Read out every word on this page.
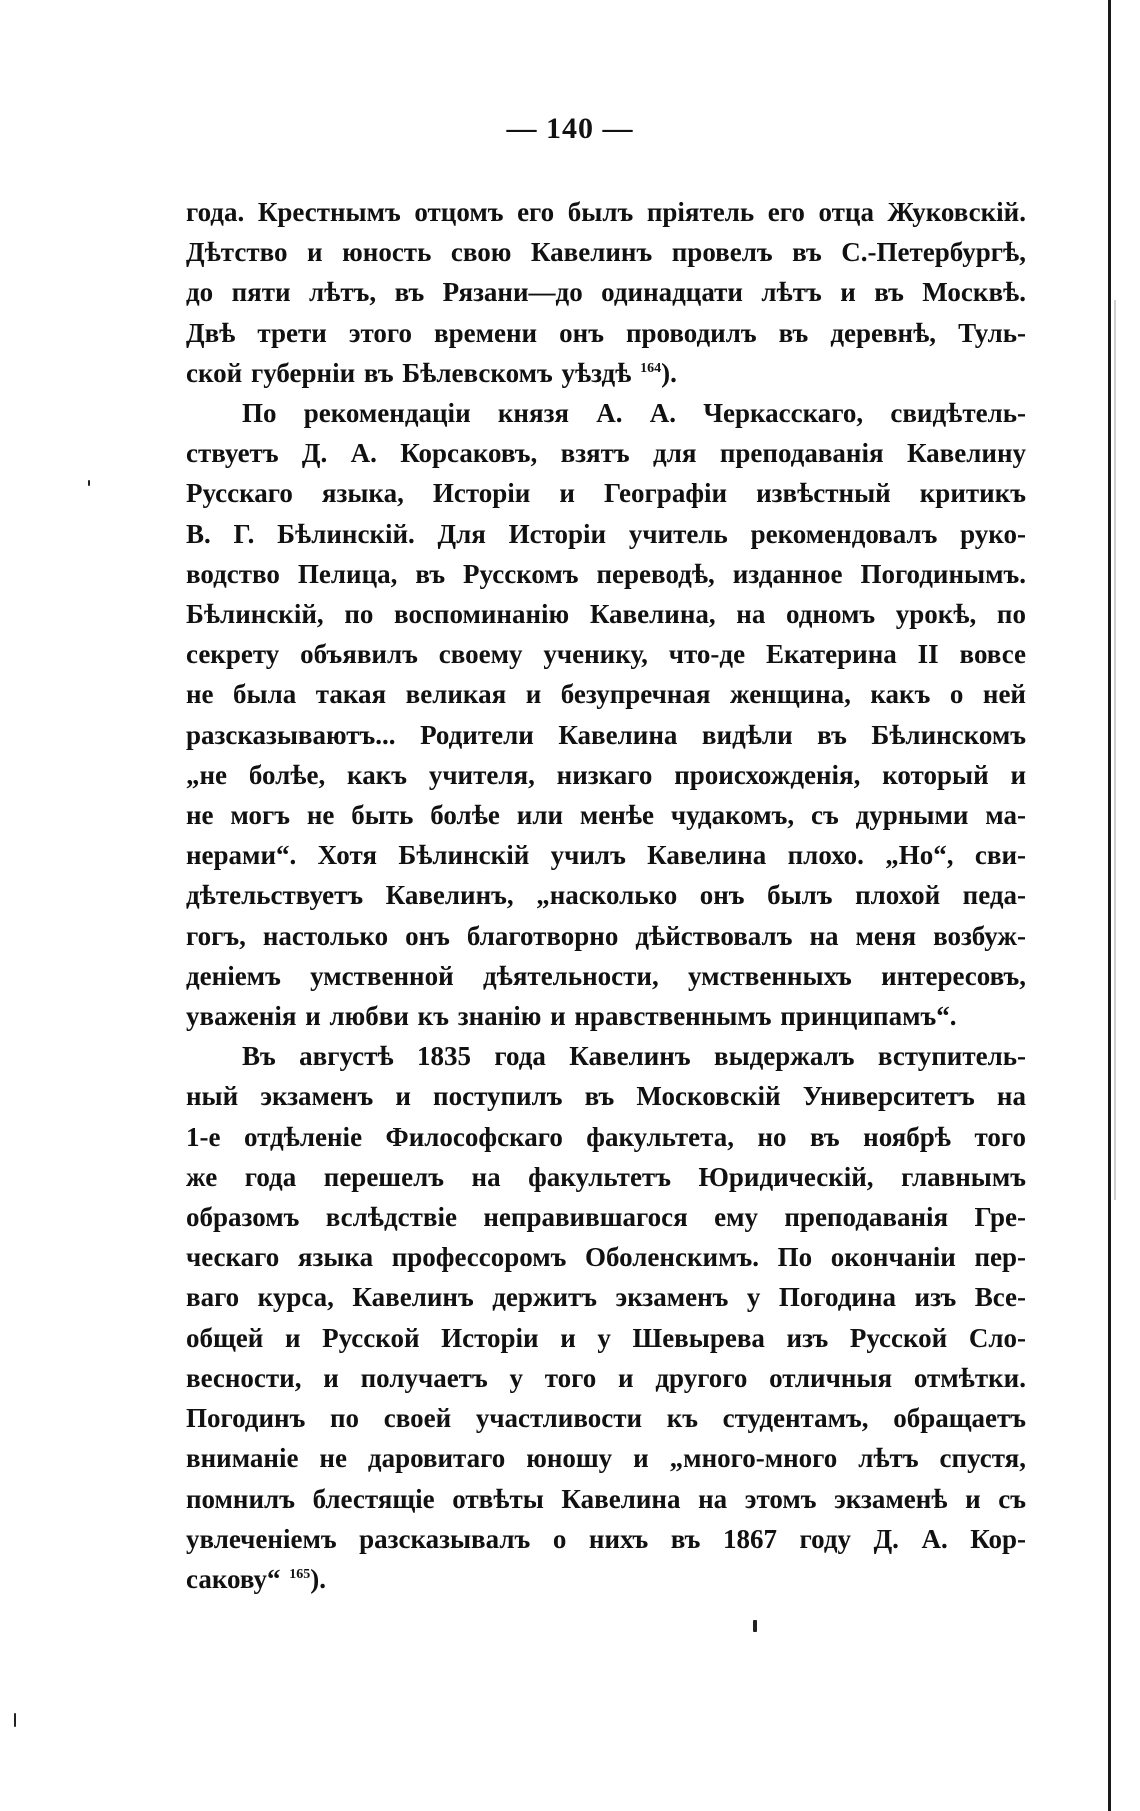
— 140 —

года. Крестнымъ отцомъ его былъ пріятель его отца Жуковскій.
Дѣтство и юность свою Кавелинъ провелъ въ С.-Петербургѣ,
до пяти лѣтъ, въ Рязани—до одинадцати лѣтъ и въ Москвѣ.
Двѣ трети этого времени онъ проводилъ въ деревнѣ, Туль-
ской губерніи въ Бѣлевскомъ уѣздѣ $^{164}$).

По рекомендаціи князя А. А. Черкасскаго, свидѣтель-
ствуетъ Д. А. Корсаковъ, взятъ для преподаванія Кавелину
Русскаго языка, Исторіи и Географіи извѣстный критикъ
В. Г. Бѣлинскій. Для Исторіи учитель рекомендовалъ руко-
водство Пелица, въ Русскомъ переводѣ, изданное Погодинымъ.
Бѣлинскій, по воспоминанію Кавелина, на одномъ урокѣ, по
секрету объявилъ своему ученику, что-де Екатерина II вовсе
не была такая великая и безупречная женщина, какъ о ней
разсказываютъ... Родители Кавелина видѣли въ Бѣлинскомъ
„не болѣе, какъ учителя, низкаго происхожденія, который и
не могъ не быть болѣе или менѣе чудакомъ, съ дурными ма-
нерами“. Хотя Бѣлинскій училъ Кавелина плохо. „Но“, сви-
дѣтельствуетъ Кавелинъ, „насколько онъ былъ плохой педа-
гогъ, настолько онъ благотворно дѣйствовалъ на меня возбуж-
деніемъ умственной дѣятельности, умственныхъ интересовъ,
уваженія и любви къ знанію и нравственнымъ принципамъ“.

Въ августѣ 1835 года Кавелинъ выдержалъ вступитель-
ный экзаменъ и поступилъ въ Московскій Университетъ на
1-е отдѣленіе Философскаго факультета, но въ ноябрѣ того
же года перешелъ на факультетъ Юридическій, главнымъ
образомъ вслѣдствіе неправившагося ему преподаванія Гре-
ческаго языка профессоромъ Оболенскимъ. По окончаніи пер-
ваго курса, Кавелинъ держитъ экзаменъ у Погодина изъ Все-
общей и Русской Исторіи и у Шевырева изъ Русской Сло-
весности, и получаетъ у того и другого отличныя отмѣтки.
Погодинъ по своей участливости къ студентамъ, обращаетъ
вниманіе не даровитаго юношу и „много-много лѣтъ спустя,
помнилъ блестящіе отвѣты Кавелина на этомъ экзаменѣ и съ
увлеченіемъ разсказывалъ о нихъ въ 1867 году Д. А. Кор-
сакову“ $^{165}$).
